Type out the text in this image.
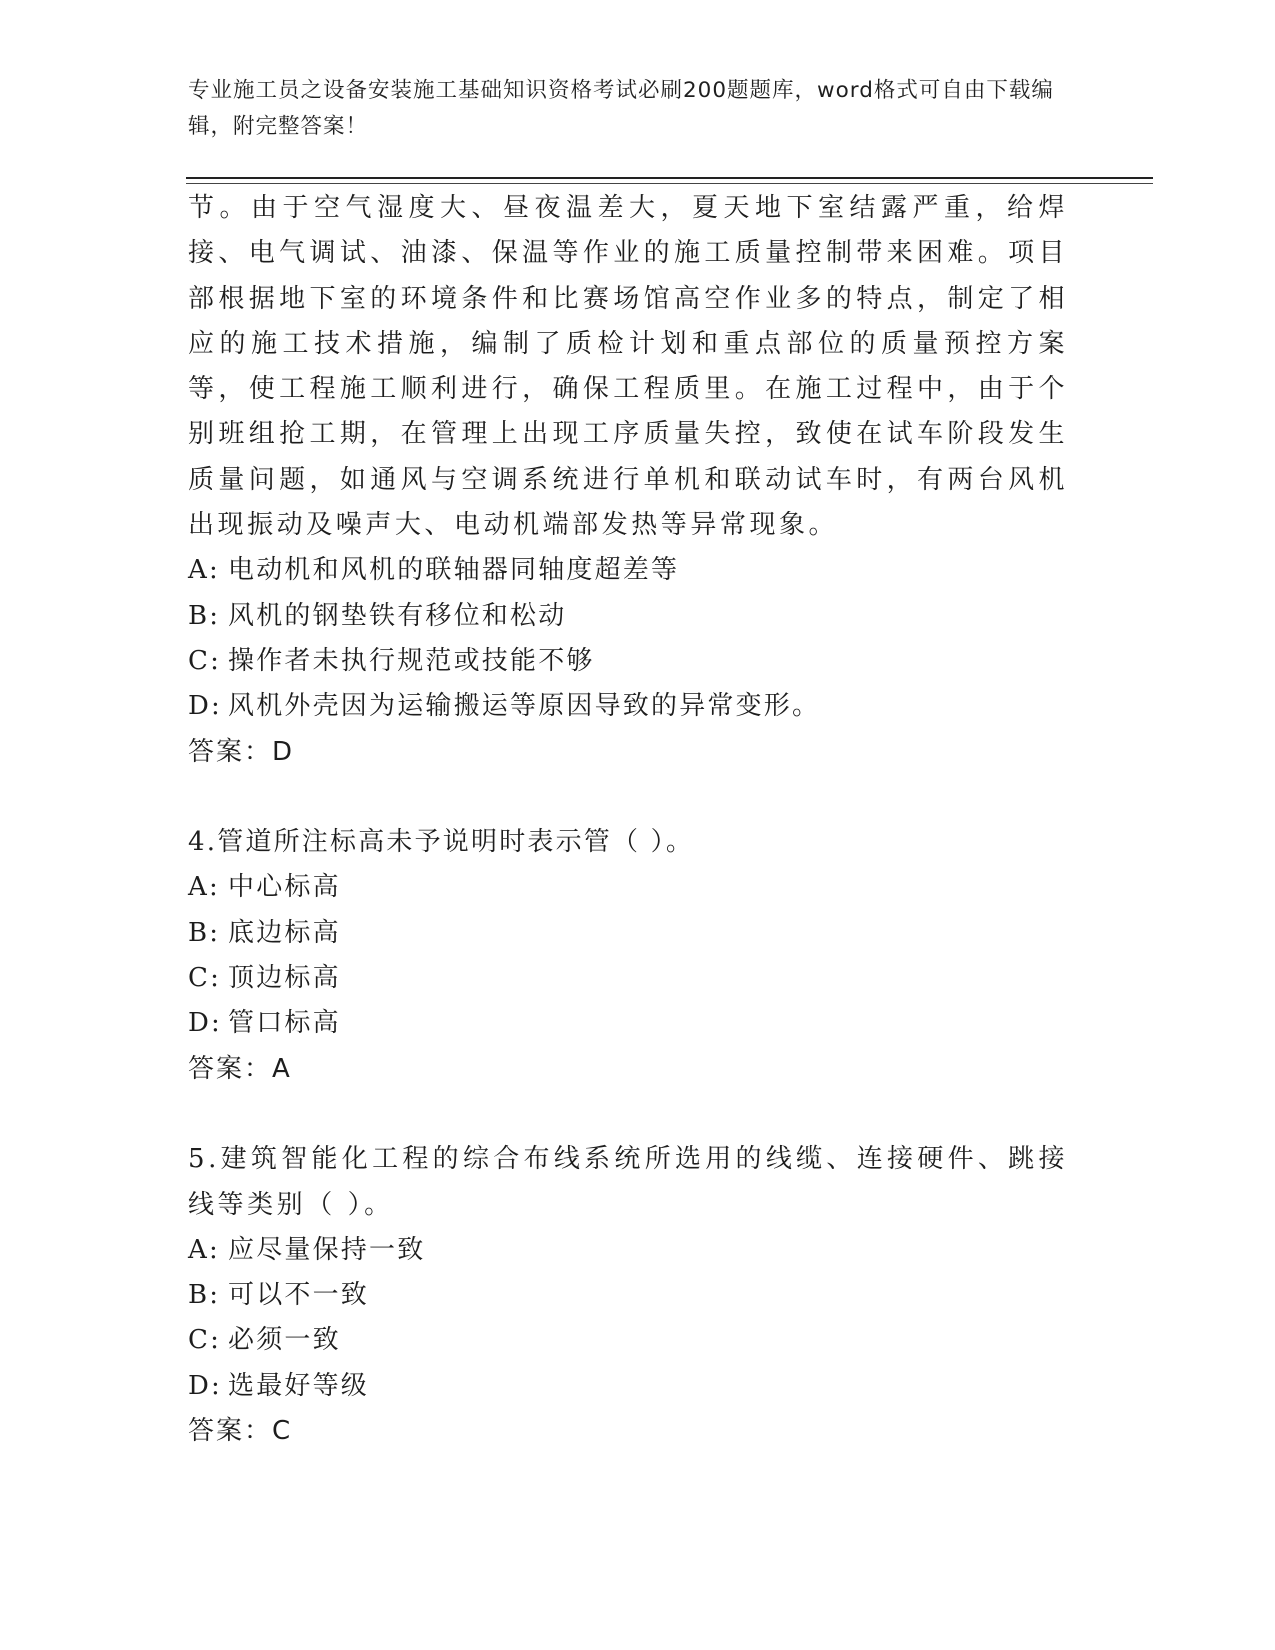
专业施工员之设备安装施工基础知识资格考试必刷200题题库，word格式可自由下载编辑，附完整答案！

节。由于空气湿度大、昼夜温差大，夏天地下室结露严重，给焊接、电气调试、油漆、保温等作业的施工质量控制带来困难。项目部根据地下室的环境条件和比赛场馆高空作业多的特点，制定了相应的施工技术措施，编制了质检计划和重点部位的质量预控方案等，使工程施工顺利进行，确保工程质里。在施工过程中，由于个别班组抢工期，在管理上出现工序质量失控，致使在试车阶段发生质量问题，如通风与空调系统进行单机和联动试车时，有两台风机出现振动及噪声大、电动机端部发热等异常现象。

A: 电动机和风机的联轴器同轴度超差等
B: 风机的钢垫铁有移位和松动
C: 操作者未执行规范或技能不够
D: 风机外壳因为运输搬运等原因导致的异常变形。
答案：D
4.管道所注标高未予说明时表示管（ ）。
A: 中心标高
B: 底边标高
C: 顶边标高
D: 管口标高
答案：A

5.建筑智能化工程的综合布线系统所选用的线缆、连接硬件、跳接线等类别（ ）。

A: 应尽量保持一致
B: 可以不一致
C: 必须一致
D: 选最好等级
答案：C
